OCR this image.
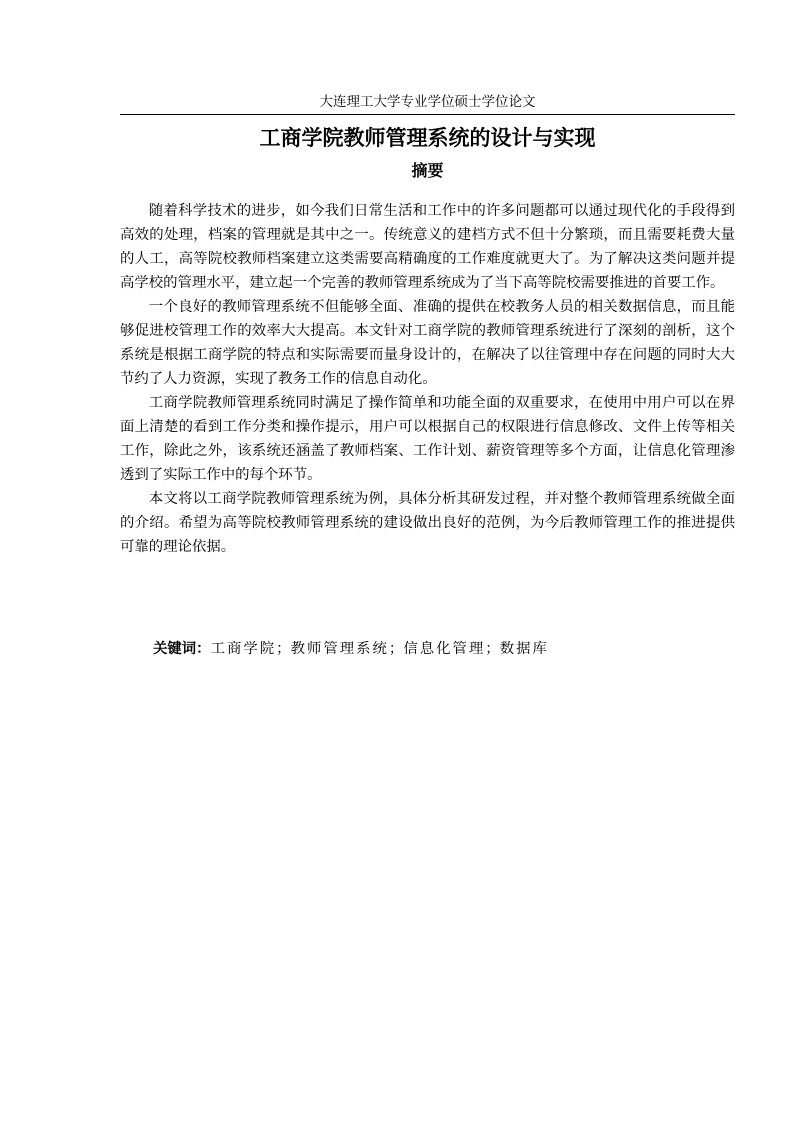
大连理工大学专业学位硕士学位论文
工商学院教师管理系统的设计与实现
摘要

随着科学技术的进步，如今我们日常生活和工作中的许多问题都可以通过现代化的手段得到高效的处理，档案的管理就是其中之一。传统意义的建档方式不但十分繁琐，而且需要耗费大量的人工，高等院校教师档案建立这类需要高精确度的工作难度就更大了。为了解决这类问题并提高学校的管理水平，建立起一个完善的教师管理系统成为了当下高等院校需要推进的首要工作。

一个良好的教师管理系统不但能够全面、准确的提供在校教务人员的相关数据信息，而且能够促进校管理工作的效率大大提高。本文针对工商学院的教师管理系统进行了深刻的剖析，这个系统是根据工商学院的特点和实际需要而量身设计的，在解决了以往管理中存在问题的同时大大节约了人力资源，实现了教务工作的信息自动化。

工商学院教师管理系统同时满足了操作简单和功能全面的双重要求，在使用中用户可以在界面上清楚的看到工作分类和操作提示，用户可以根据自己的权限进行信息修改、文件上传等相关工作，除此之外，该系统还涵盖了教师档案、工作计划、薪资管理等多个方面，让信息化管理渗透到了实际工作中的每个环节。

本文将以工商学院教师管理系统为例，具体分析其研发过程，并对整个教师管理系统做全面的介绍。希望为高等院校教师管理系统的建设做出良好的范例，为今后教师管理工作的推进提供可靠的理论依据。

关键词：工商学院；教师管理系统；信息化管理；数据库
